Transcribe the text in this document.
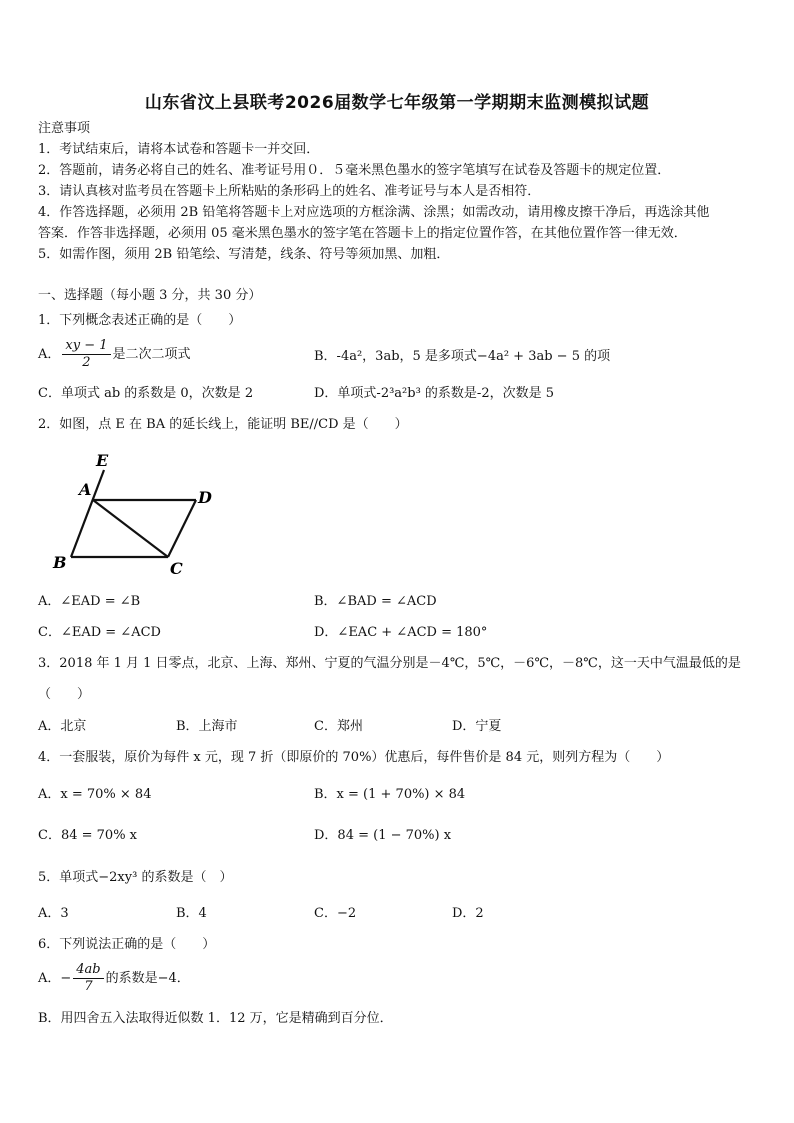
山东省汶上县联考2026届数学七年级第一学期期末监测模拟试题
注意事项
1．考试结束后，请将本试卷和答题卡一并交回．
2．答题前，请务必将自己的姓名、准考证号用０．５毫米黑色墨水的签字笔填写在试卷及答题卡的规定位置．
3．请认真核对监考员在答题卡上所粘贴的条形码上的姓名、准考证号与本人是否相符．
4．作答选择题，必须用 2B 铅笔将答题卡上对应选项的方框涂满、涂黑；如需改动，请用橡皮擦干净后，再选涂其他
答案．作答非选择题，必须用 05 毫米黑色墨水的签字笔在答题卡上的指定位置作答，在其他位置作答一律无效．
5．如需作图，须用 2B 铅笔绘、写清楚，线条、符号等须加黑、加粗．
一、选择题（每小题 3 分，共 30 分）
1．下列概念表述正确的是（　　）
A． $\frac{xy - 1}{2}$ 是二次二项式	B．-4a²，3ab，5 是多项式−4a² + 3ab − 5 的项
C．单项式 ab 的系数是 0，次数是 2	D．单项式-2³a²b³ 的系数是-2，次数是 5
2．如图，点 E 在 BA 的延长线上，能证明 BE//CD 是（　　）
E
A	D
B	C
A．∠EAD = ∠B	B．∠BAD = ∠ACD
C．∠EAD = ∠ACD	D．∠EAC + ∠ACD = 180°
3．2018 年 1 月 1 日零点，北京、上海、郑州、宁夏的气温分别是－4℃，5℃，－6℃，－8℃，这一天中气温最低的是
（　　）
A．北京	B．上海市	C．郑州	D．宁夏
4．一套服装，原价为每件 x 元，现 7 折（即原价的 70%）优惠后，每件售价是 84 元，则列方程为（　　）
A．x = 70% × 84	B．x = (1 + 70%) × 84
C．84 = 70% x	D．84 = (1 − 70%) x
5．单项式−2xy³ 的系数是（　）
A．3	B．4	C．−2	D．2
6．下列说法正确的是（　　）
A．− $\frac{4ab}{7}$ 的系数是−4．
B．用四舍五入法取得近似数 1．12 万，它是精确到百分位．
